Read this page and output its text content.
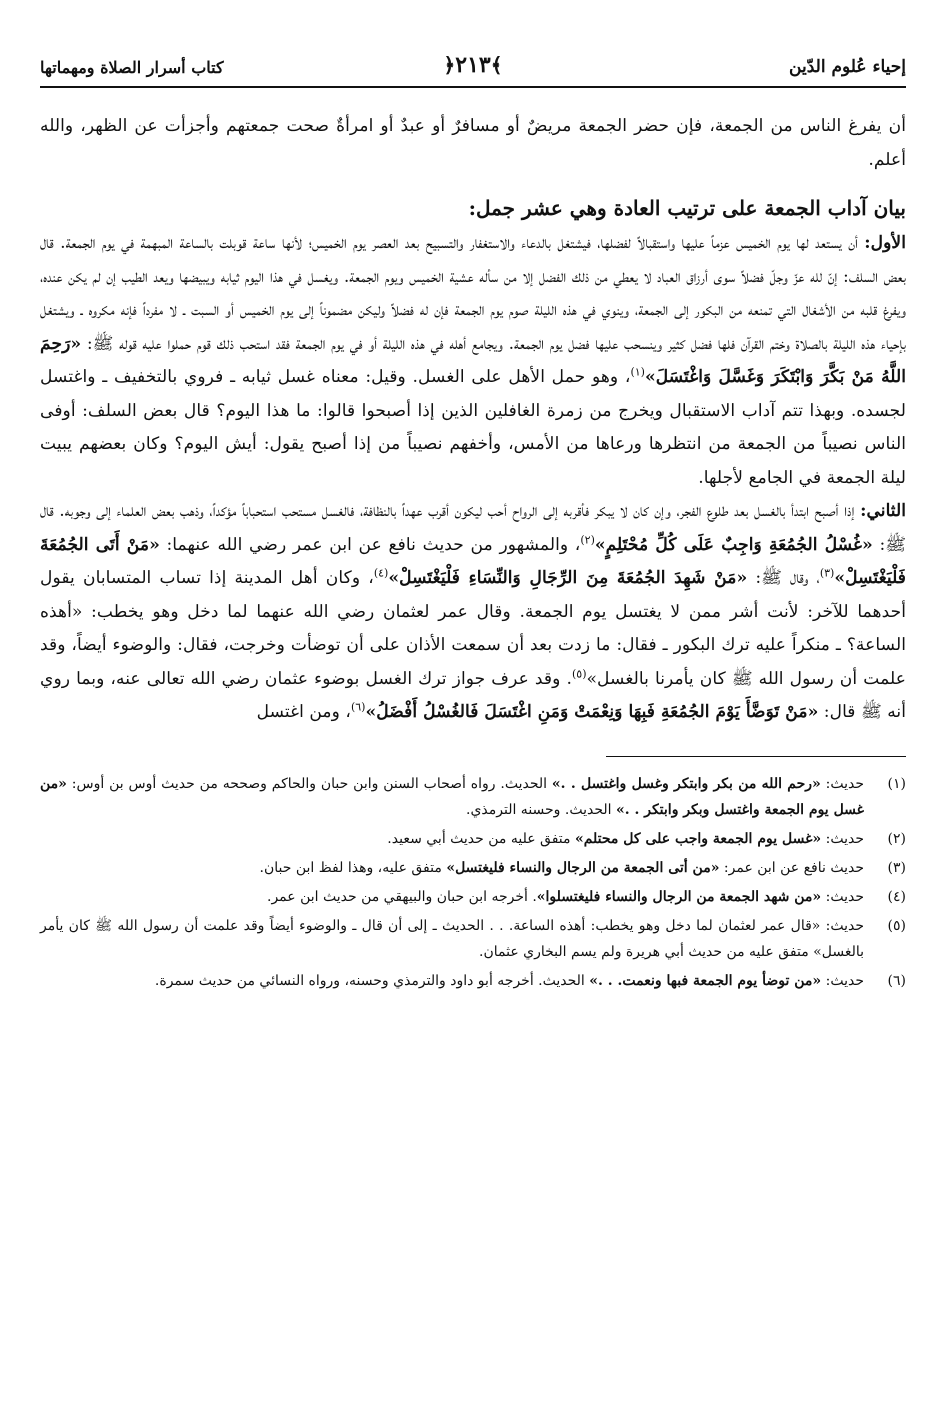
إحياء عُلوم الدّين
﴾٢١٣﴿
كتاب أسرار الصلاة ومهماتها

أن يفرغ الناس من الجمعة، فإن حضر الجمعة مريضٌ أو مسافرٌ أو عبدٌ أو امرأةٌ صحت جمعتهم وأجزأت عن الظهر، والله أعلم.

بيان آداب الجمعة على ترتيب العادة وهي عشر جمل:

الأول: أن يستعد لها يوم الخميس عزماً عليها واستقبالاً لفضلها، فيشتغل بالدعاء والاستغفار والتسبيح بعد العصر يوم الخميس؛ لأنها ساعة قوبلت بالساعة المبهمة في يوم الجمعة. قال بعض السلف: إنّ لله عزّ وجلّ فضلاً سوى أرزاق العباد لا يعطي من ذلك الفضل إلا من سأله عشية الخميس ويوم الجمعة. ويغسل في هذا اليوم ثيابه ويبيضها ويعد الطيب إن لم يكن عنده، ويفرغ قلبه من الأشغال التي تمنعه من البكور إلى الجمعة، وينوي في هذه الليلة صوم يوم الجمعة فإن له فضلاً وليكن مضموناً إلى يوم الخميس أو السبت ـ لا مفرداً فإنه مكروه ـ ويشتغل بإحياء هذه الليلة بالصلاة وختم القرآن فلها فضل كثير وينسحب عليها فضل يوم الجمعة. ويجامع أهله في هذه الليلة أو في يوم الجمعة فقد استحب ذلك قوم حملوا عليه قوله ﷺ: «رَحِمَ اللَّهُ مَنْ بَكَّرَ وَابْتَكَرَ وَغَسَّلَ وَاغْتَسَلَ»$^{(١)}$، وهو حمل الأهل على الغسل. وقيل: معناه غسل ثيابه ـ فروي بالتخفيف ـ واغتسل لجسده. وبهذا تتم آداب الاستقبال ويخرج من زمرة الغافلين الذين إذا أصبحوا قالوا: ما هذا اليوم؟ قال بعض السلف: أوفى الناس نصيباً من الجمعة من انتظرها ورعاها من الأمس، وأخفهم نصيباً من إذا أصبح يقول: أيش اليوم؟ وكان بعضهم يبيت ليلة الجمعة في الجامع لأجلها.

الثاني: إذا أصبح ابتدأ بالغسل بعد طلوع الفجر، وإن كان لا يبكر فأقربه إلى الرواح أحب ليكون أقرب عهداً بالنظافة، فالغسل مستحب استحباباً مؤكداً، وذهب بعض العلماء إلى وجوبه. قال ﷺ: «غُسْلُ الجُمُعَةِ وَاجِبٌ عَلَى كُلِّ مُحْتَلِمٍ»$^{(٢)}$، والمشهور من حديث نافع عن ابن عمر رضي الله عنهما: «مَنْ أَتَى الجُمُعَةَ فَلْيَغْتَسِلْ»$^{(٣)}$، وقال ﷺ: «مَنْ شَهِدَ الجُمُعَةَ مِنَ الرِّجَالِ وَالنِّسَاءِ فَلْيَغْتَسِلْ»$^{(٤)}$، وكان أهل المدينة إذا تساب المتسابان يقول أحدهما للآخر: لأنت أشر ممن لا يغتسل يوم الجمعة. وقال عمر لعثمان رضي الله عنهما لما دخل وهو يخطب: «أهذه الساعة؟ ـ منكراً عليه ترك البكور ـ فقال: ما زدت بعد أن سمعت الأذان على أن توضأت وخرجت، فقال: والوضوء أيضاً، وقد علمت أن رسول الله ﷺ كان يأمرنا بالغسل»$^{(٥)}$. وقد عرف جواز ترك الغسل بوضوء عثمان رضي الله تعالى عنه، وبما روي أنه ﷺ قال: «مَنْ تَوَضَّأَ يَوْمَ الجُمُعَةِ فَبِهَا وَنِعْمَتْ وَمَنِ اغْتَسَلَ فَالغُسْلُ أَفْضَلُ»$^{(٦)}$، ومن اغتسل

(١)
حديث: «رحم الله من بكر وابتكر وغسل واغتسل . .» الحديث. رواه أصحاب السنن وابن حبان والحاكم وصححه من حديث أوس بن أوس: «من غسل يوم الجمعة واغتسل وبكر وابتكر . .» الحديث. وحسنه الترمذي.
(٢)
حديث: «غسل يوم الجمعة واجب على كل محتلم» متفق عليه من حديث أبي سعيد.
(٣)
حديث نافع عن ابن عمر: «من أتى الجمعة من الرجال والنساء فليغتسل» متفق عليه، وهذا لفظ ابن حبان.
(٤)
حديث: «من شهد الجمعة من الرجال والنساء فليغتسلوا». أخرجه ابن حبان والبيهقي من حديث ابن عمر.
(٥)
حديث: «قال عمر لعثمان لما دخل وهو يخطب: أهذه الساعة. . . الحديث ـ إلى أن قال ـ والوضوء أيضاً وقد علمت أن رسول الله ﷺ كان يأمر بالغسل» متفق عليه من حديث أبي هريرة ولم يسم البخاري عثمان.
(٦)
حديث: «من توضأ يوم الجمعة فبها ونعمت. . .» الحديث. أخرجه أبو داود والترمذي وحسنه، ورواه النسائي من حديث سمرة.
